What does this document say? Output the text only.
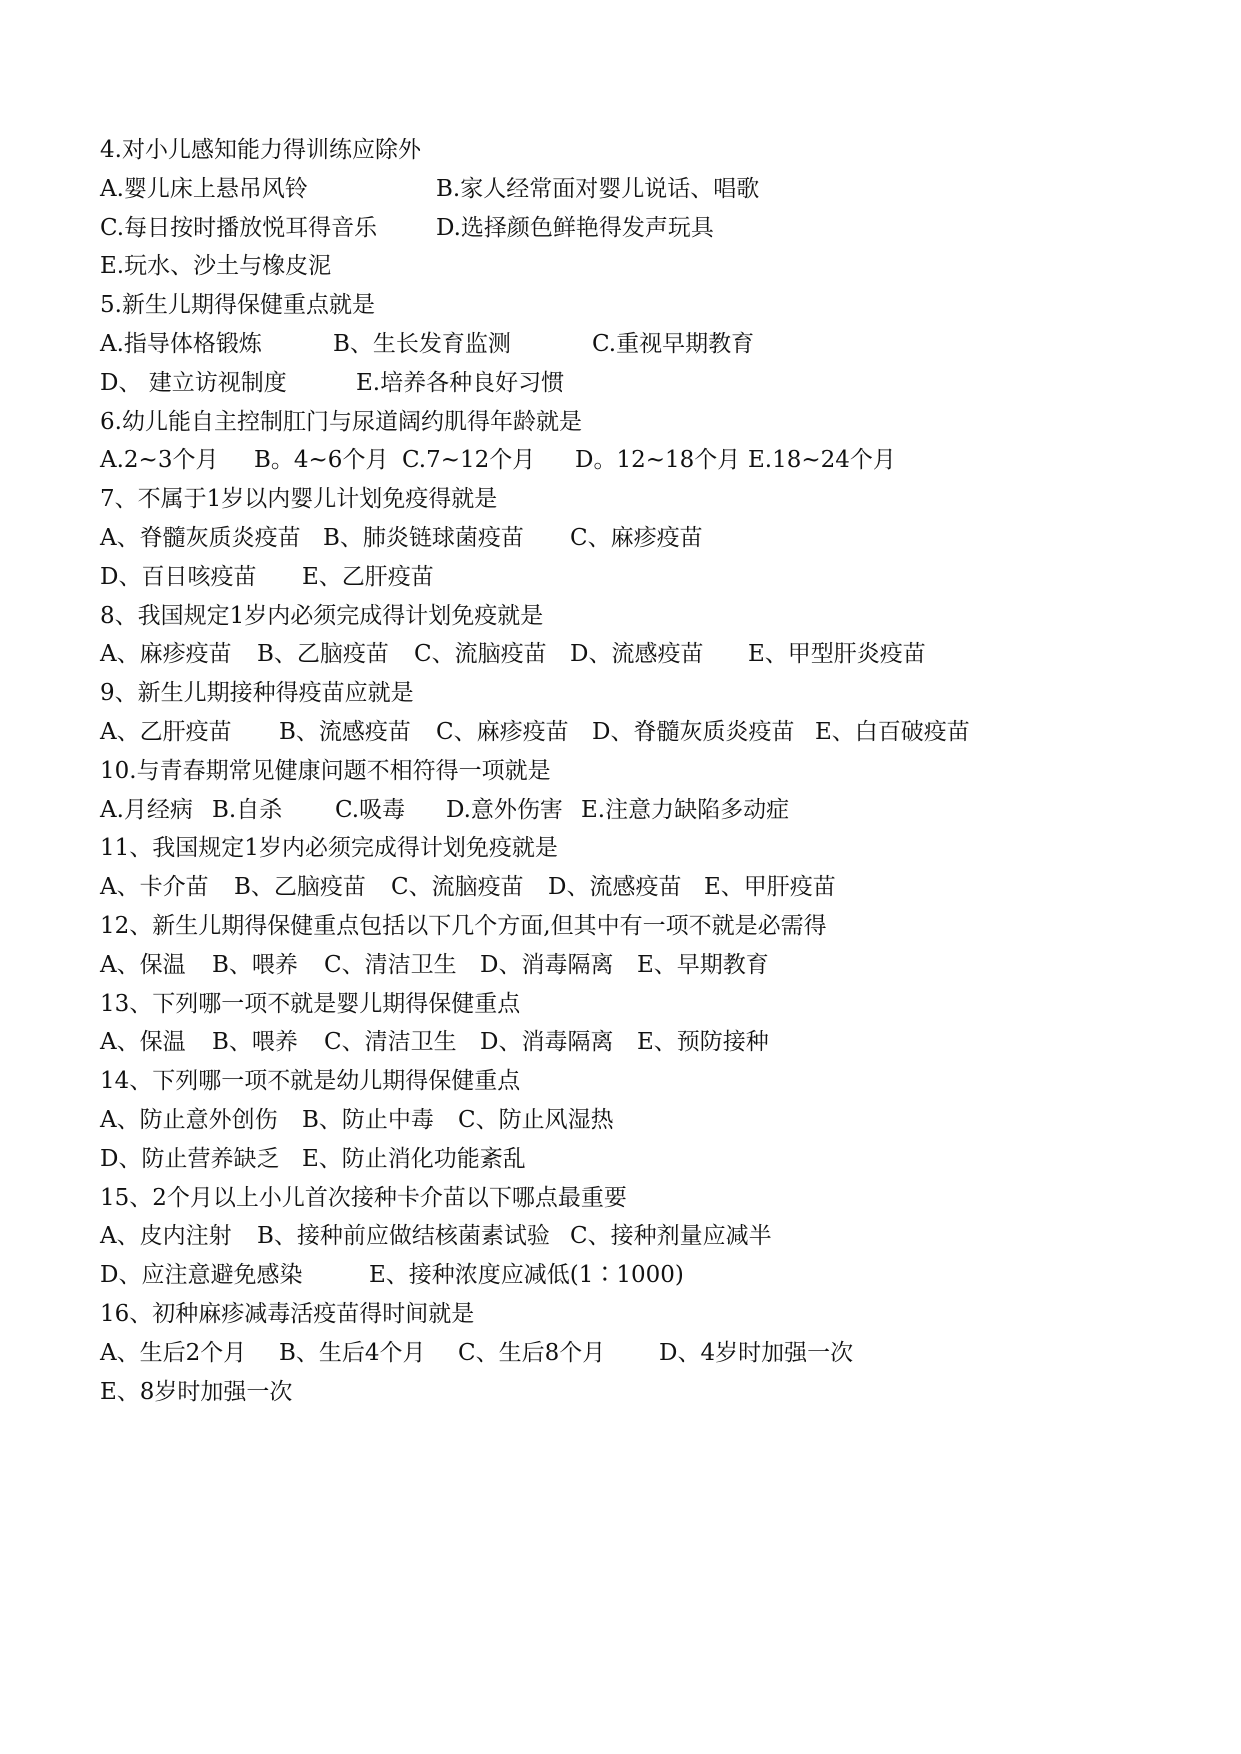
4.对小儿感知能力得训练应除外
A.婴儿床上悬吊风铃	B.家人经常面对婴儿说话、唱歌
C.每日按时播放悦耳得音乐	D.选择颜色鲜艳得发声玩具
E.玩水、沙土与橡皮泥
5.新生儿期得保健重点就是
A.指导体格锻炼	B、生长发育监测	C.重视早期教育
D、 建立访视制度	E.培养各种良好习惯
6.幼儿能自主控制肛门与尿道阔约肌得年龄就是
A.2~3个月 B。4~6个月 C.7~12个月 D。12~18个月 E.18~24个月
7、不属于1岁以内婴儿计划免疫得就是
A、脊髓灰质炎疫苗 B、肺炎链球菌疫苗 C、麻疹疫苗
D、百日咳疫苗 E、乙肝疫苗
8、我国规定1岁内必须完成得计划免疫就是
A、麻疹疫苗 B、乙脑疫苗 C、流脑疫苗 D、流感疫苗 E、甲型肝炎疫苗
9、新生儿期接种得疫苗应就是
A、乙肝疫苗 B、流感疫苗 C、麻疹疫苗 D、脊髓灰质炎疫苗 E、白百破疫苗
10.与青春期常见健康问题不相符得一项就是
A.月经病 B.自杀 C.吸毒 D.意外伤害 E.注意力缺陷多动症
11、我国规定1岁内必须完成得计划免疫就是
A、卡介苗 B、乙脑疫苗 C、流脑疫苗 D、流感疫苗 E、甲肝疫苗
12、新生儿期得保健重点包括以下几个方面,但其中有一项不就是必需得
A、保温 B、喂养 C、清洁卫生 D、消毒隔离 E、早期教育
13、下列哪一项不就是婴儿期得保健重点
A、保温 B、喂养 C、清洁卫生 D、消毒隔离 E、预防接种
14、下列哪一项不就是幼儿期得保健重点
A、防止意外创伤 B、防止中毒 C、防止风湿热
D、防止营养缺乏 E、防止消化功能紊乱
15、2个月以上小儿首次接种卡介苗以下哪点最重要
A、皮内注射 B、接种前应做结核菌素试验 C、接种剂量应减半
D、应注意避免感染	E、接种浓度应减低(1∶1000)
16、初种麻疹减毒活疫苗得时间就是
A、生后2个月 B、生后4个月 C、生后8个月 D、4岁时加强一次
E、8岁时加强一次
